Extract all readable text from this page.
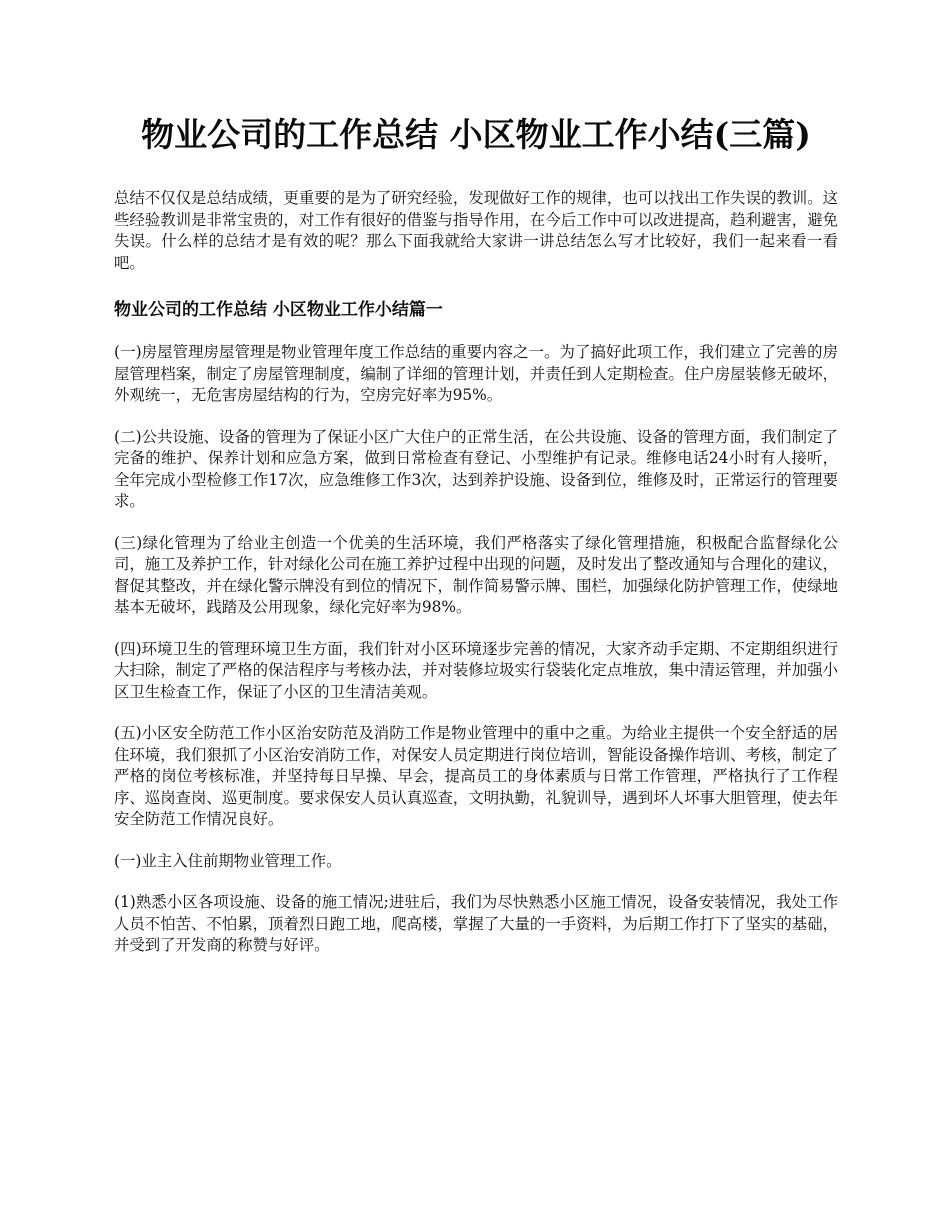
物业公司的工作总结 小区物业工作小结(三篇)

总结不仅仅是总结成绩，更重要的是为了研究经验，发现做好工作的规律，也可以找出工作失误的教训。这些经验教训是非常宝贵的，对工作有很好的借鉴与指导作用，在今后工作中可以改进提高，趋利避害，避免失误。什么样的总结才是有效的呢？那么下面我就给大家讲一讲总结怎么写才比较好，我们一起来看一看吧。

物业公司的工作总结 小区物业工作小结篇一

(一)房屋管理房屋管理是物业管理年度工作总结的重要内容之一。为了搞好此项工作，我们建立了完善的房屋管理档案，制定了房屋管理制度，编制了详细的管理计划，并责任到人定期检查。住户房屋装修无破坏，外观统一，无危害房屋结构的行为，空房完好率为95%。

(二)公共设施、设备的管理为了保证小区广大住户的正常生活，在公共设施、设备的管理方面，我们制定了完备的维护、保养计划和应急方案，做到日常检查有登记、小型维护有记录。维修电话24小时有人接听，全年完成小型检修工作17次，应急维修工作3次，达到养护设施、设备到位，维修及时，正常运行的管理要求。

(三)绿化管理为了给业主创造一个优美的生活环境，我们严格落实了绿化管理措施，积极配合监督绿化公司，施工及养护工作，针对绿化公司在施工养护过程中出现的问题，及时发出了整改通知与合理化的建议，督促其整改，并在绿化警示牌没有到位的情况下，制作简易警示牌、围栏，加强绿化防护管理工作，使绿地基本无破坏，践踏及公用现象，绿化完好率为98%。

(四)环境卫生的管理环境卫生方面，我们针对小区环境逐步完善的情况，大家齐动手定期、不定期组织进行大扫除，制定了严格的保洁程序与考核办法，并对装修垃圾实行袋装化定点堆放，集中清运管理，并加强小区卫生检查工作，保证了小区的卫生清洁美观。

(五)小区安全防范工作小区治安防范及消防工作是物业管理中的重中之重。为给业主提供一个安全舒适的居住环境，我们狠抓了小区治安消防工作，对保安人员定期进行岗位培训，智能设备操作培训、考核，制定了严格的岗位考核标准，并坚持每日早操、早会，提高员工的身体素质与日常工作管理，严格执行了工作程序、巡岗查岗、巡更制度。要求保安人员认真巡查，文明执勤，礼貌训导，遇到坏人坏事大胆管理，使去年安全防范工作情况良好。

(一)业主入住前期物业管理工作。

(1)熟悉小区各项设施、设备的施工情况;进驻后，我们为尽快熟悉小区施工情况，设备安装情况，我处工作人员不怕苦、不怕累，顶着烈日跑工地，爬高楼，掌握了大量的一手资料，为后期工作打下了坚实的基础，并受到了开发商的称赞与好评。
